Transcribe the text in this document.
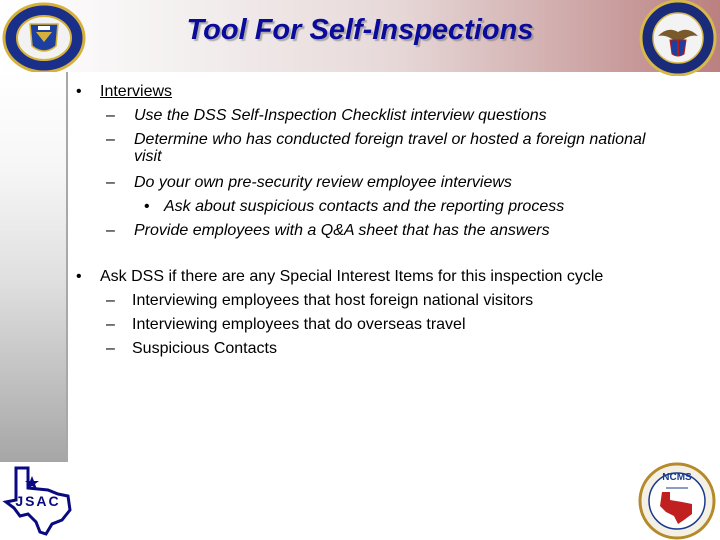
Tool For Self-Inspections
• Interviews
– Use the DSS Self-Inspection Checklist interview questions
– Determine who has conducted foreign travel or hosted a foreign national
visit
– Do your own pre-security review employee interviews
• Ask about suspicious contacts and the reporting process
– Provide employees with a Q&A sheet that has the answers
• Ask DSS if there are any Special Interest Items for this inspection cycle
– Interviewing employees that host foreign national visitors
– Interviewing employees that do overseas travel
– Suspicious Contacts
JSAC
NCMS
